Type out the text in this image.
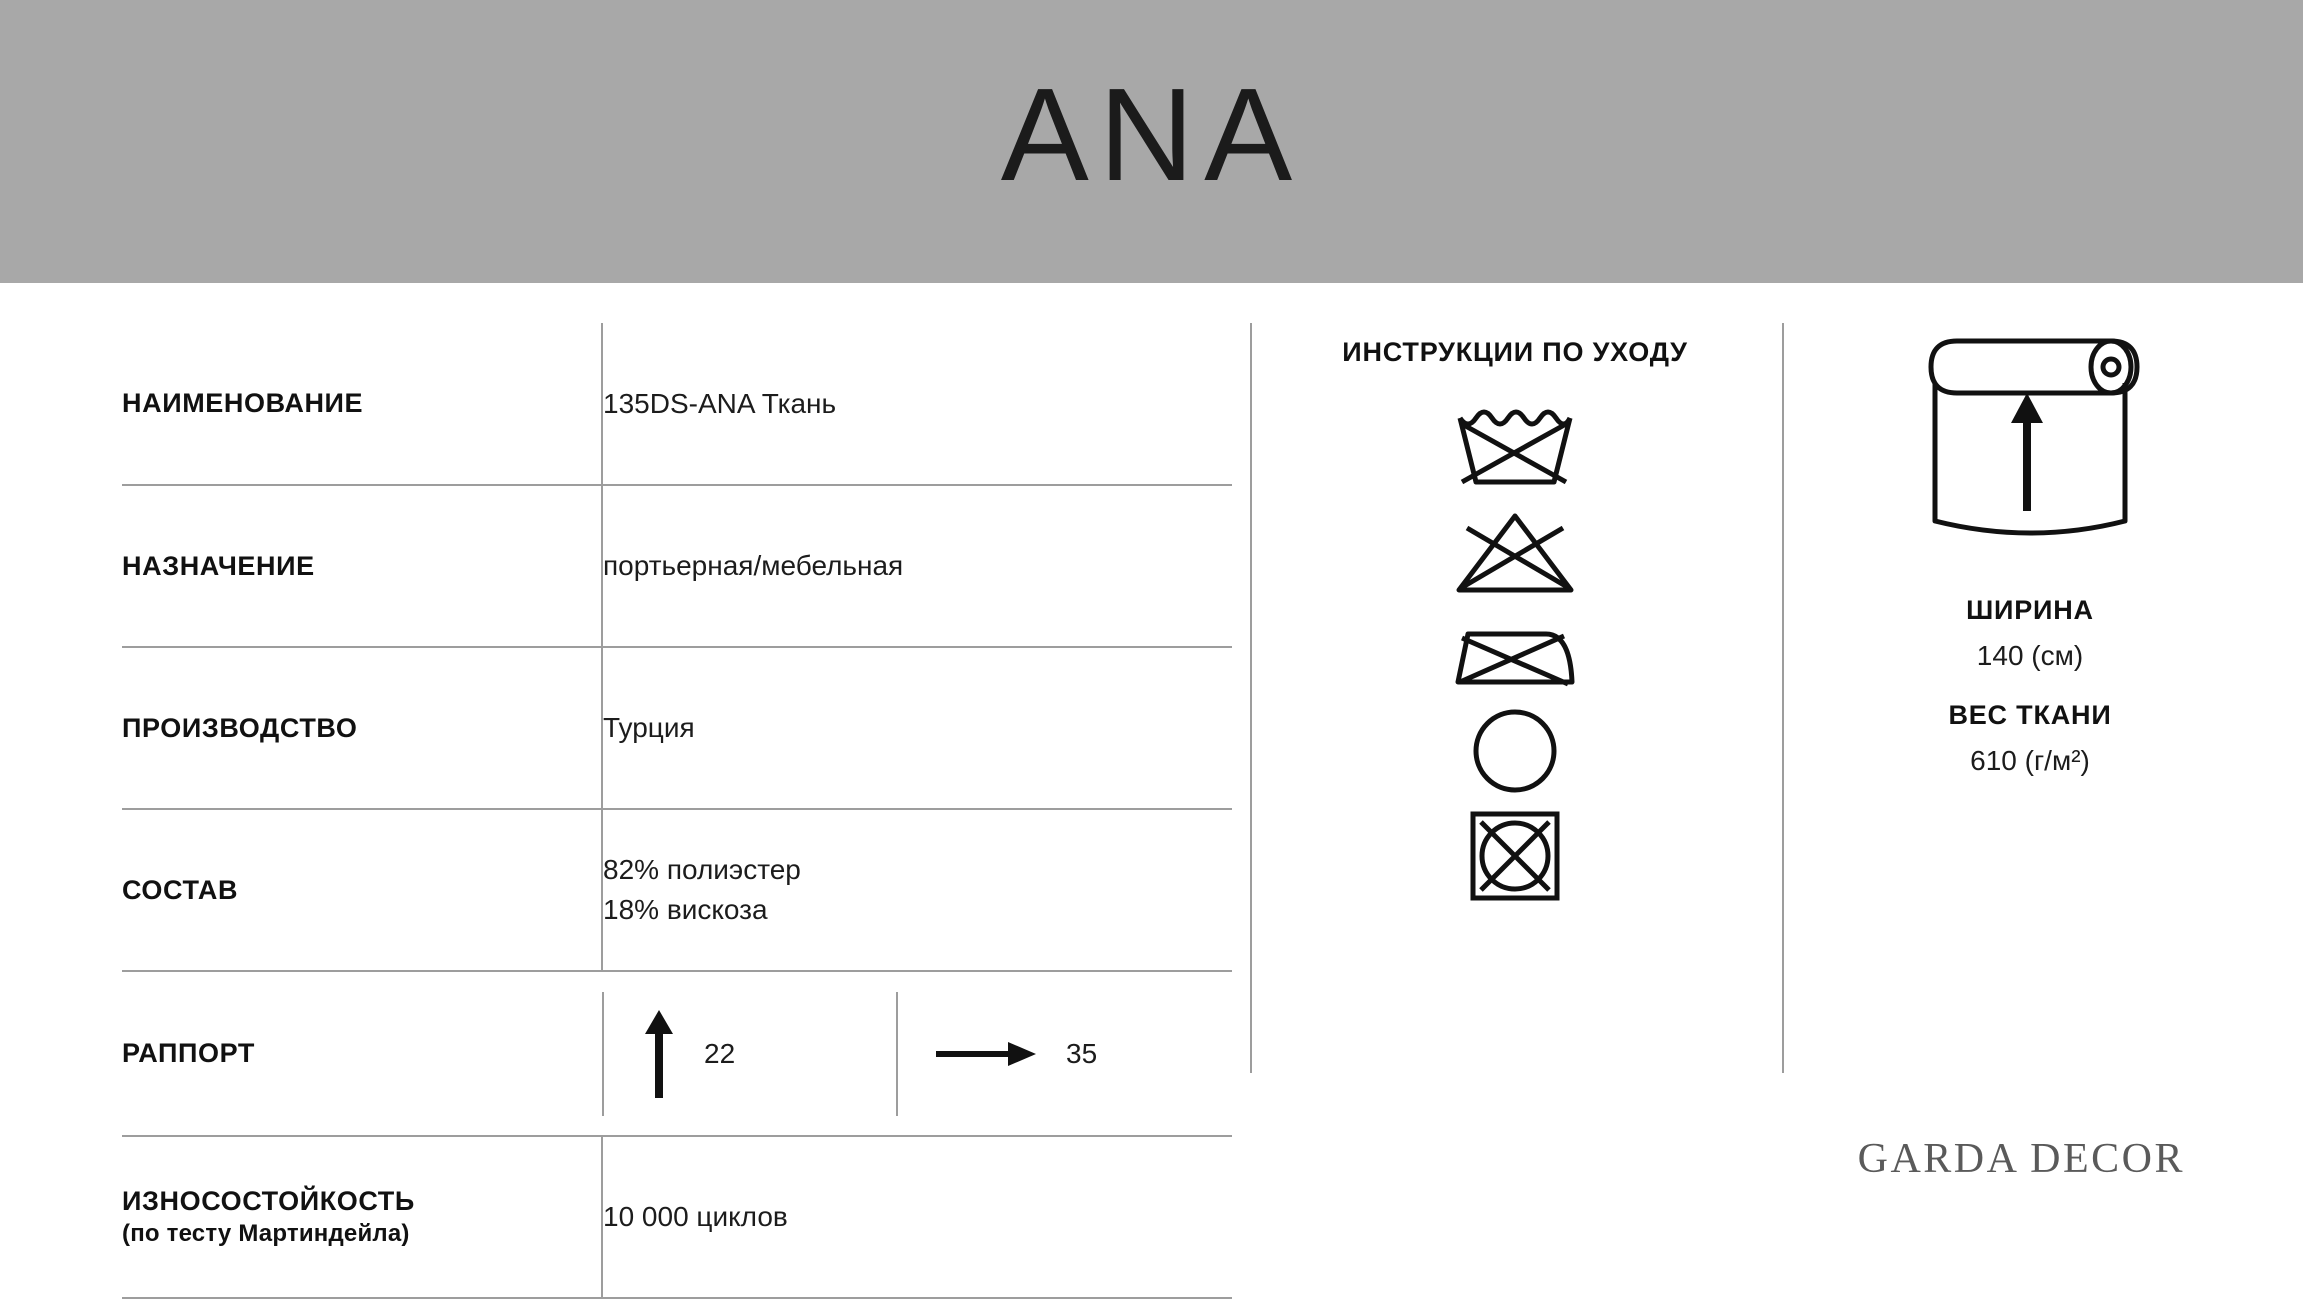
ANA
НАИМЕНОВАНИЕ	135DS-ANA Ткань
НАЗНАЧЕНИЕ	портьерная/мебельная
ПРОИЗВОДСТВО	Турция
СОСТАВ	82% полиэстер
18% вискоза

РАППОРТ	22 35

ИЗНОСОСТОЙКОСТЬ
(по тесту Мартиндейла)	10 000 циклов
ИНСТРУКЦИИ ПО УХОДУ
ШИРИНА
140 (см)
ВЕС ТКАНИ
610 (г/м²)
GARDA DECOR
